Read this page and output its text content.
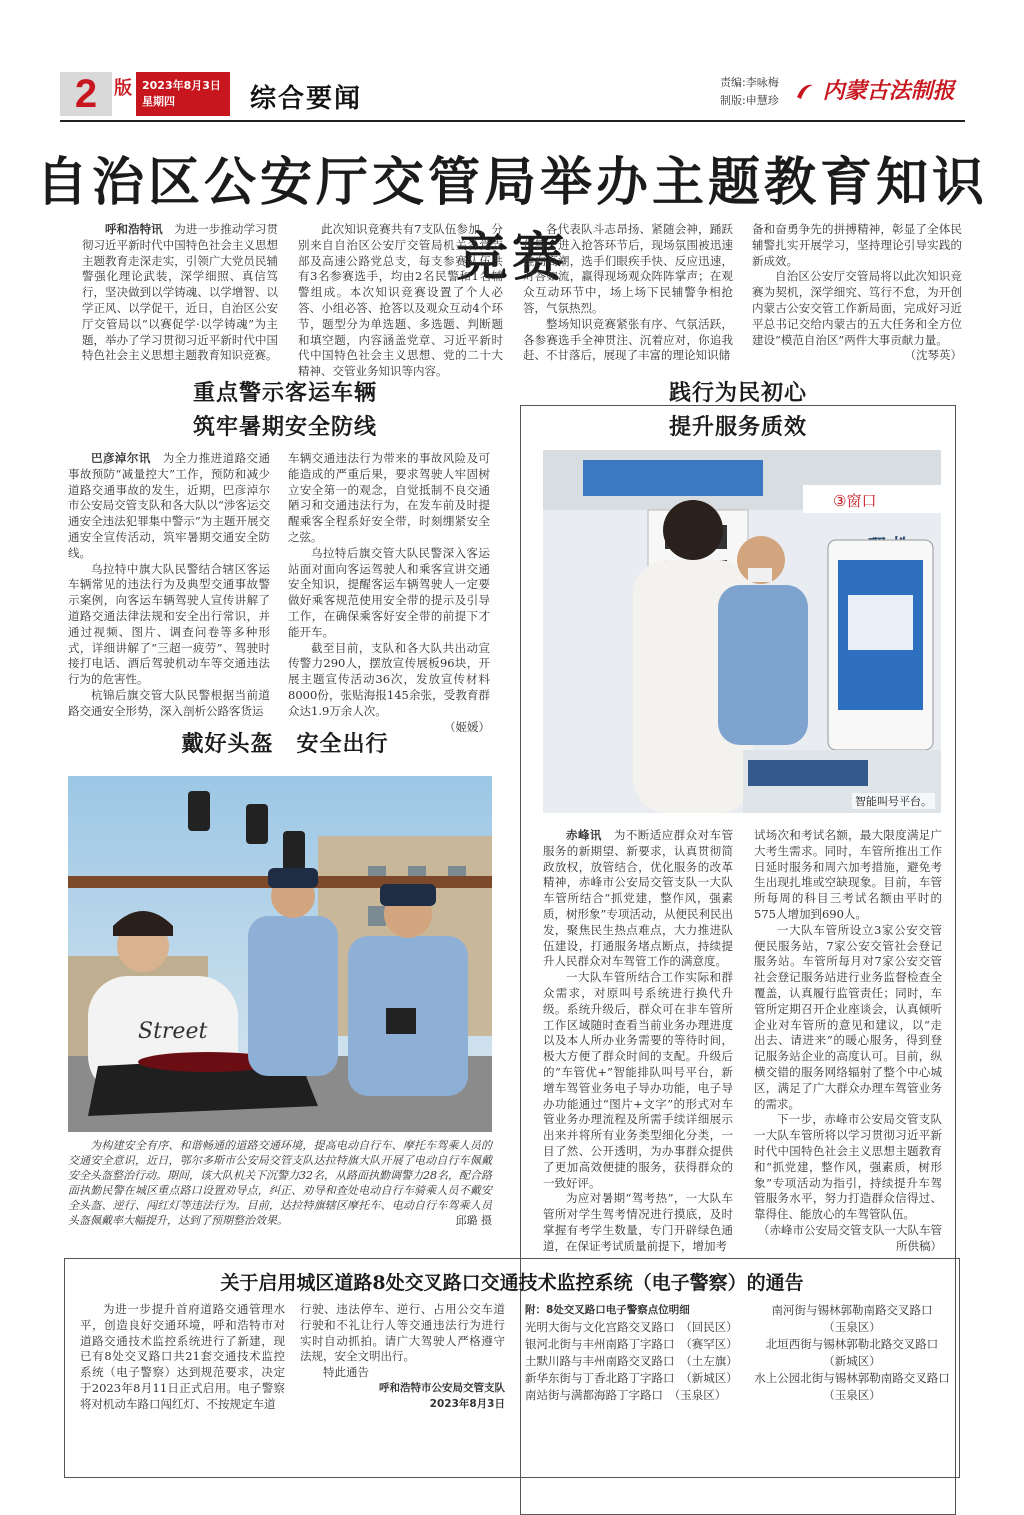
2 版 2023年8月3日
星期四	综合要闻
责编:李咏梅
制版:申慧珍	内蒙古法制报
自治区公安厅交管局举办主题教育知识竞赛

呼和浩特讯　 为进一步推动学习贯彻习近平新时代中国特色社会主义思想主题教育走深走实，引领广大党员民辅警强化理论武装，深学细照、真信笃行，坚决做到以学铸魂、以学增智、以学正风、以学促干，近日，自治区公安厅交管局以“以赛促学·以学铸魂”为主题，举办了学习贯彻习近平新时代中国特色社会主义思想主题教育知识竞赛。

此次知识竞赛共有7支队伍参加，分别来自自治区公安厅交管局机关各党支部及高速公路党总支，每支参赛队伍共有3名参赛选手，均由2名民警和1名辅警组成。本次知识竞赛设置了个人必答、小组必答、抢答以及观众互动4个环节，题型分为单选题、多选题、判断题和填空题，内容涵盖党章、习近平新时代中国特色社会主义思想、党的二十大精神、交管业务知识等内容。

各代表队斗志昂扬、紧随会神，踊跃作答。进入抢答环节后，现场氛围被迅速推向高潮，选手们眼疾手快、反应迅速，对答如流，赢得现场观众阵阵掌声；在观众互动环节中，场上场下民辅警争相抢答，气氛热烈。

整场知识竞赛紧张有序、气氛活跃，各参赛选手全神贯注、沉着应对，你追我赶、不甘落后，展现了丰富的理论知识储

备和奋勇争先的拼搏精神，彰显了全体民辅警扎实开展学习，坚持理论引导实践的新成效。

自治区公安厅交管局将以此次知识竞赛为契机，深学细究、笃行不怠，为开创内蒙古公安交管工作新局面，完成好习近平总书记交给内蒙古的五大任务和全方位建设“模范自治区”两件大事贡献力量。

（沈琴英）
重点警示客运车辆
筑牢暑期安全防线

巴彦淖尔讯　 为全力推进道路交通事故预防“减量控大”工作，预防和减少道路交通事故的发生，近期，巴彦淖尔市公安局交管支队和各大队以“涉客运交通安全违法犯罪集中警示”为主题开展交通安全宣传活动，筑牢暑期交通安全防线。

乌拉特中旗大队民警结合辖区客运车辆常见的违法行为及典型交通事故警示案例，向客运车辆驾驶人宣传讲解了道路交通法律法规和安全出行常识，并通过视频、图片、调查问卷等多种形式，详细讲解了“三超一疲劳”、驾驶时接打电话、酒后驾驶机动车等交通违法行为的危害性。

杭锦后旗交管大队民警根据当前道路交通安全形势，深入剖析公路客货运

车辆交通违法行为带来的事故风险及可能造成的严重后果，要求驾驶人牢固树立安全第一的观念，自觉抵制不良交通陋习和交通违法行为，在发车前及时提醒乘客全程系好安全带，时刻绷紧安全之弦。

乌拉特后旗交管大队民警深入客运站面对面向客运驾驶人和乘客宣讲交通安全知识，提醒客运车辆驾驶人一定要做好乘客规范使用安全带的提示及引导工作，在确保乘客好安全带的前提下才能开车。

截至目前，支队和各大队共出动宣传警力290人，摆放宣传展板96块，开展主题宣传活动36次，发放宣传材料8000份，张贴海报145余张，受教育群众达1.9万余人次。

（姬媛）
戴好头盔　安全出行
Street
为构建安全有序、和谐畅通的道路交通环境，提高电动自行车、摩托车驾乘人员的交通安全意识，近日，鄂尔多斯市公安局交管支队达拉特旗大队开展了电动自行车佩戴安全头盔整治行动。期间，该大队机关下沉警力32名，从路面执勤调警力28名，配合路面执勤民警在城区重点路口设置劝导点，纠正、劝导和查处电动自行车骑乘人员不戴安全头盔、逆行、闯红灯等违法行为。目前，达拉特旗辖区摩托车、电动自行车驾乘人员头盔佩戴率大幅提升，达到了预期整治效果。	邱璐 摄
践行为民初心
提升服务质效
③窗口
智能叫号平台。

赤峰讯　 为不断适应群众对车管服务的新期望、新要求，认真贯彻简政放权，放管结合，优化服务的改革精神，赤峰市公安局交管支队一大队车管所结合“抓党建，整作风，强素质，树形象”专项活动，从便民利民出发，聚焦民生热点难点，大力推进队伍建设，打通服务堵点断点，持续提升人民群众对车驾管工作的满意度。

一大队车管所结合工作实际和群众需求，对原叫号系统进行换代升级。系统升级后，群众可在非车管所工作区域随时查看当前业务办理进度以及本人所办业务需要的等待时间，极大方便了群众时间的支配。升级后的“车管优+”智能排队叫号平台，新增车驾管业务电子导办功能，电子导办功能通过“图片+文字”的形式对车管业务办理流程及所需手续详细展示出来并将所有业务类型细化分类，一目了然、公开透明，为办事群众提供了更加高效便捷的服务，获得群众的一致好评。

为应对暑期“驾考热”，一大队车管所对学生驾考情况进行摸底，及时掌握有考学生数量，专门开辟绿色通道，在保证考试质量前提下，增加考

试场次和考试名额，最大限度满足广大考生需求。同时，车管所推出工作日延时服务和周六加考措施，避免考生出现扎堆或空缺现象。目前，车管所每周的科目三考试名额由平时的575人增加到690人。

一大队车管所设立3家公安交管便民服务站，7家公安交管社会登记服务站。车管所每月对7家公安交管社会登记服务站进行业务监督检查全覆盖，认真履行监管责任；同时，车管所定期召开企业座谈会，认真倾听企业对车管所的意见和建议，以“走出去、请进来”的暖心服务，得到登记服务站企业的高度认可。目前，纵横交错的服务网络辐射了整个中心城区，满足了广大群众办理车驾管业务的需求。

下一步，赤峰市公安局交管支队一大队车管所将以学习贯彻习近平新时代中国特色社会主义思想主题教育和“抓党建，整作风，强素质，树形象”专项活动为指引，持续提升车驾管服务水平，努力打造群众信得过、靠得住、能放心的车驾管队伍。

（赤峰市公安局交管支队一大队车管所供稿）
关于启用城区道路8处交叉路口交通技术监控系统（电子警察）的通告

为进一步提升首府道路交通管理水平，创造良好交通环境，呼和浩特市对道路交通技术监控系统进行了新建，现已有8处交叉路口共21套交通技术监控系统（电子警察）达到规范要求，决定于2023年8月11日正式启用。电子警察将对机动车路口闯红灯、不按规定车道

行驶、违法停车、逆行、占用公交车道行驶和不礼让行人等交通违法行为进行实时自动抓拍。请广大驾驶人严格遵守法规，安全文明出行。

特此通告

呼和浩特市公安局交管支队
2023年8月3日
附：8处交叉路口电子警察点位明细
光明大街与文化宫路交叉路口　（回民区）
银河北街与丰州南路丁字路口　（赛罕区）
土默川路与丰州南路交叉路口　（土左旗）
新华东街与丁香北路丁字路口　（新城区）
南站街与满都海路丁字路口　（玉泉区）
南河街与锡林郭勒南路交叉路口
（玉泉区）
北垣西街与锡林郭勒北路交叉路口
（新城区）
水上公园北街与锡林郭勒南路交叉路口
（玉泉区）
